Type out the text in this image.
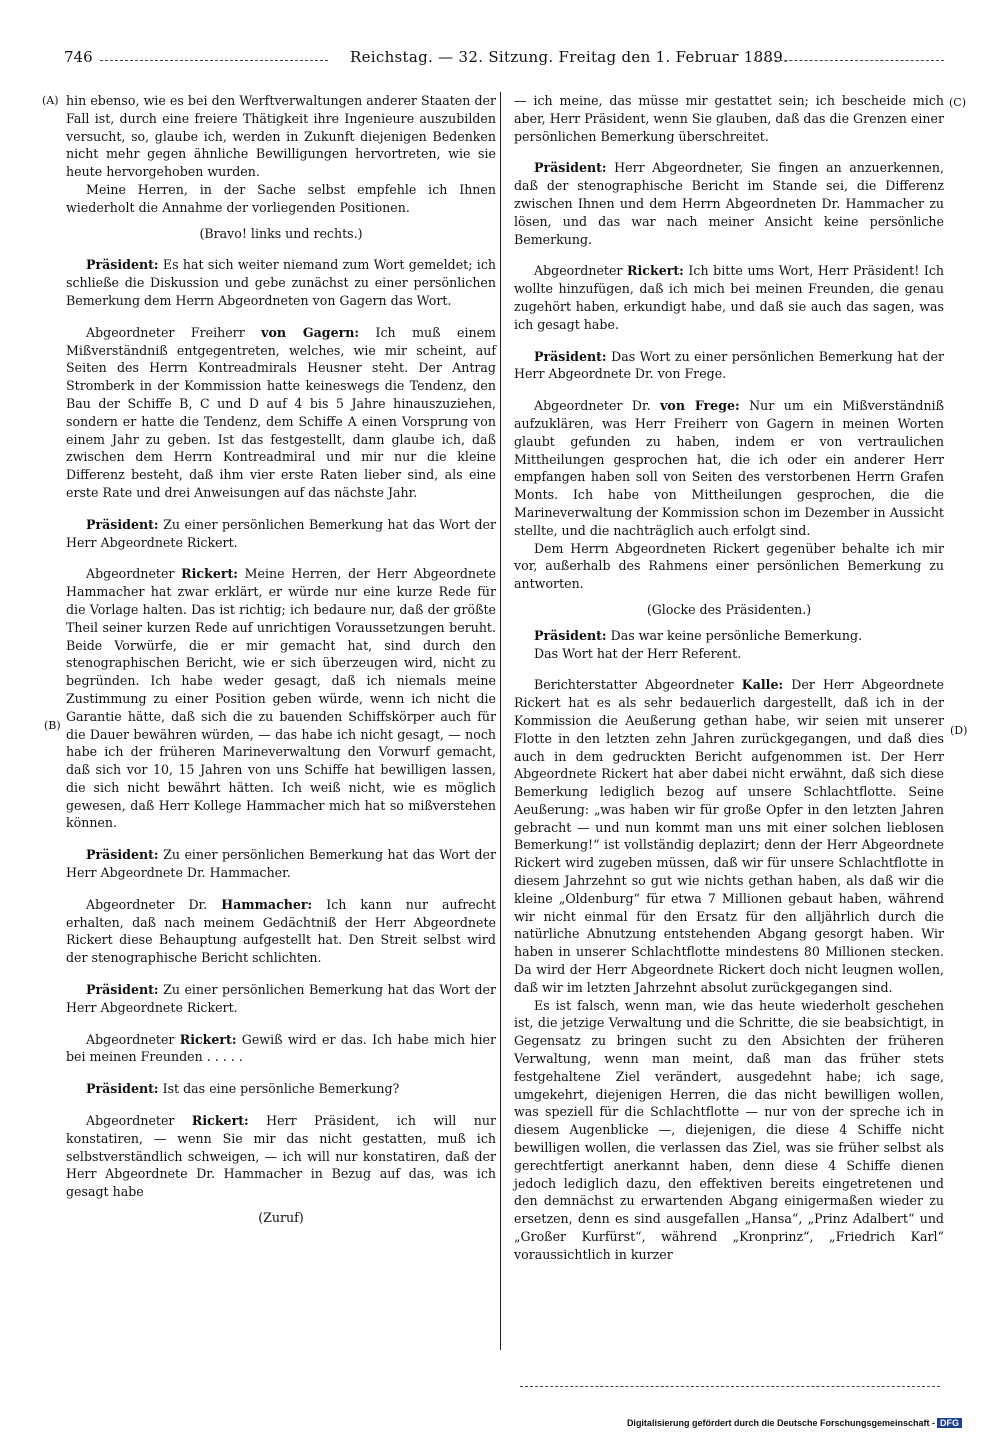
746	Reichstag. — 32. Sitzung. Freitag den 1. Februar 1889.
(A)
(B)
(C)
(D)

hin ebenso, wie es bei den Werftverwaltungen anderer Staaten der Fall ist, durch eine freiere Thätigkeit ihre Ingenieure auszubilden versucht, so, glaube ich, werden in Zukunft diejenigen Bedenken nicht mehr gegen ähnliche Bewilligungen hervortreten, wie sie heute hervorgehoben wurden.

Meine Herren, in der Sache selbst empfehle ich Ihnen wiederholt die Annahme der vorliegenden Positionen.

(Bravo! links und rechts.)

Präsident: Es hat sich weiter niemand zum Wort gemeldet; ich schließe die Diskussion und gebe zunächst zu einer persönlichen Bemerkung dem Herrn Abgeordneten von Gagern das Wort.

Abgeordneter Freiherr von Gagern: Ich muß einem Mißverständniß entgegentreten, welches, wie mir scheint, auf Seiten des Herrn Kontreadmirals Heusner steht. Der Antrag Stromberk in der Kommission hatte keineswegs die Tendenz, den Bau der Schiffe B, C und D auf 4 bis 5 Jahre hinauszuziehen, sondern er hatte die Tendenz, dem Schiffe A einen Vorsprung von einem Jahr zu geben. Ist das festgestellt, dann glaube ich, daß zwischen dem Herrn Kontreadmiral und mir nur die kleine Differenz besteht, daß ihm vier erste Raten lieber sind, als eine erste Rate und drei Anweisungen auf das nächste Jahr.

Präsident: Zu einer persönlichen Bemerkung hat das Wort der Herr Abgeordnete Rickert.

Abgeordneter Rickert: Meine Herren, der Herr Abgeordnete Hammacher hat zwar erklärt, er würde nur eine kurze Rede für die Vorlage halten. Das ist richtig; ich bedaure nur, daß der größte Theil seiner kurzen Rede auf unrichtigen Voraussetzungen beruht. Beide Vorwürfe, die er mir gemacht hat, sind durch den stenographischen Bericht, wie er sich überzeugen wird, nicht zu begründen. Ich habe weder gesagt, daß ich niemals meine Zustimmung zu einer Position geben würde, wenn ich nicht die Garantie hätte, daß sich die zu bauenden Schiffskörper auch für die Dauer bewähren würden, — das habe ich nicht gesagt, — noch habe ich der früheren Marineverwaltung den Vorwurf gemacht, daß sich vor 10, 15 Jahren von uns Schiffe hat bewilligen lassen, die sich nicht bewährt hätten. Ich weiß nicht, wie es möglich gewesen, daß Herr Kollege Hammacher mich hat so mißverstehen können.

Präsident: Zu einer persönlichen Bemerkung hat das Wort der Herr Abgeordnete Dr. Hammacher.

Abgeordneter Dr. Hammacher: Ich kann nur aufrecht erhalten, daß nach meinem Gedächtniß der Herr Abgeordnete Rickert diese Behauptung aufgestellt hat. Den Streit selbst wird der stenographische Bericht schlichten.

Präsident: Zu einer persönlichen Bemerkung hat das Wort der Herr Abgeordnete Rickert.

Abgeordneter Rickert: Gewiß wird er das. Ich habe mich hier bei meinen Freunden . . . . .

Präsident: Ist das eine persönliche Bemerkung?

Abgeordneter Rickert: Herr Präsident, ich will nur konstatiren, — wenn Sie mir das nicht gestatten, muß ich selbstverständlich schweigen, — ich will nur konstatiren, daß der Herr Abgeordnete Dr. Hammacher in Bezug auf das, was ich gesagt habe

(Zuruf)

— ich meine, das müsse mir gestattet sein; ich bescheide mich aber, Herr Präsident, wenn Sie glauben, daß das die Grenzen einer persönlichen Bemerkung überschreitet.

Präsident: Herr Abgeordneter, Sie fingen an anzuerkennen, daß der stenographische Bericht im Stande sei, die Differenz zwischen Ihnen und dem Herrn Abgeordneten Dr. Hammacher zu lösen, und das war nach meiner Ansicht keine persönliche Bemerkung.

Abgeordneter Rickert: Ich bitte ums Wort, Herr Präsident! Ich wollte hinzufügen, daß ich mich bei meinen Freunden, die genau zugehört haben, erkundigt habe, und daß sie auch das sagen, was ich gesagt habe.

Präsident: Das Wort zu einer persönlichen Bemerkung hat der Herr Abgeordnete Dr. von Frege.

Abgeordneter Dr. von Frege: Nur um ein Mißverständniß aufzuklären, was Herr Freiherr von Gagern in meinen Worten glaubt gefunden zu haben, indem er von vertraulichen Mittheilungen gesprochen hat, die ich oder ein anderer Herr empfangen haben soll von Seiten des verstorbenen Herrn Grafen Monts. Ich habe von Mittheilungen gesprochen, die die Marineverwaltung der Kommission schon im Dezember in Aussicht stellte, und die nachträglich auch erfolgt sind.

Dem Herrn Abgeordneten Rickert gegenüber behalte ich mir vor, außerhalb des Rahmens einer persönlichen Bemerkung zu antworten.

(Glocke des Präsidenten.)

Präsident: Das war keine persönliche Bemerkung.

Das Wort hat der Herr Referent.

Berichterstatter Abgeordneter Kalle: Der Herr Abgeordnete Rickert hat es als sehr bedauerlich dargestellt, daß ich in der Kommission die Aeußerung gethan habe, wir seien mit unserer Flotte in den letzten zehn Jahren zurückgegangen, und daß dies auch in dem gedruckten Bericht aufgenommen ist. Der Herr Abgeordnete Rickert hat aber dabei nicht erwähnt, daß sich diese Bemerkung lediglich bezog auf unsere Schlachtflotte. Seine Aeußerung: „was haben wir für große Opfer in den letzten Jahren gebracht — und nun kommt man uns mit einer solchen lieblosen Bemerkung!“ ist vollständig deplazirt; denn der Herr Abgeordnete Rickert wird zugeben müssen, daß wir für unsere Schlachtflotte in diesem Jahrzehnt so gut wie nichts gethan haben, als daß wir die kleine „Oldenburg“ für etwa 7 Millionen gebaut haben, während wir nicht einmal für den Ersatz für den alljährlich durch die natürliche Abnutzung entstehenden Abgang gesorgt haben. Wir haben in unserer Schlachtflotte mindestens 80 Millionen stecken. Da wird der Herr Abgeordnete Rickert doch nicht leugnen wollen, daß wir im letzten Jahrzehnt absolut zurückgegangen sind.

Es ist falsch, wenn man, wie das heute wiederholt geschehen ist, die jetzige Verwaltung und die Schritte, die sie beabsichtigt, in Gegensatz zu bringen sucht zu den Absichten der früheren Verwaltung, wenn man meint, daß man das früher stets festgehaltene Ziel verändert, ausgedehnt habe; ich sage, umgekehrt, diejenigen Herren, die das nicht bewilligen wollen, was speziell für die Schlachtflotte — nur von der spreche ich in diesem Augenblicke —, diejenigen, die diese 4 Schiffe nicht bewilligen wollen, die verlassen das Ziel, was sie früher selbst als gerechtfertigt anerkannt haben, denn diese 4 Schiffe dienen jedoch lediglich dazu, den effektiven bereits eingetretenen und den demnächst zu erwartenden Abgang einigermaßen wieder zu ersetzen, denn es sind ausgefallen „Hansa“, „Prinz Adalbert“ und „Großer Kurfürst“, während „Kronprinz“, „Friedrich Karl“ voraussichtlich in kurzer

Digitalisierung gefördert durch die Deutsche Forschungsgemeinschaft - DFG
